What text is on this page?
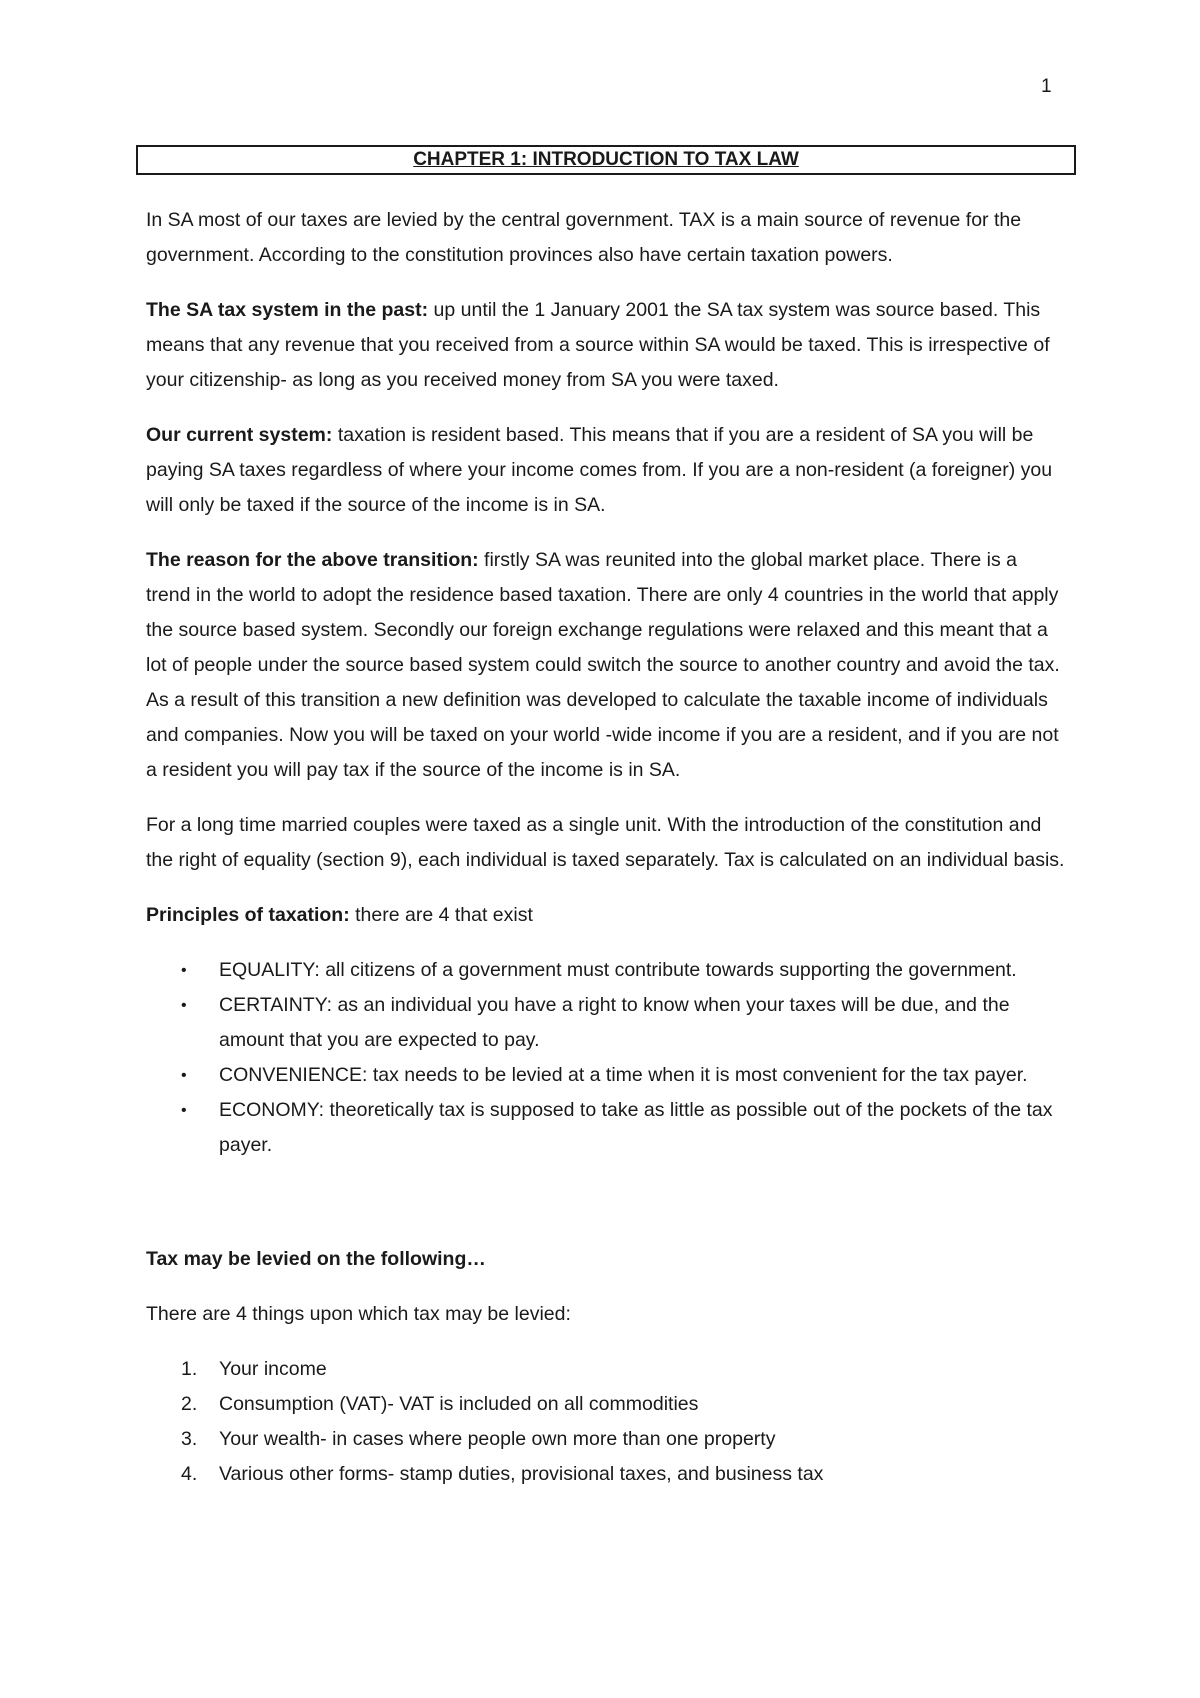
1
CHAPTER 1: INTRODUCTION TO TAX LAW

In SA most of our taxes are levied by the central government. TAX is a main source of revenue for the government. According to the constitution provinces also have certain taxation powers.

The SA tax system in the past: up until the 1 January 2001 the SA tax system was source based. This means that any revenue that you received from a source within SA would be taxed. This is irrespective of your citizenship- as long as you received money from SA you were taxed.

Our current system: taxation is resident based. This means that if you are a resident of SA you will be paying SA taxes regardless of where your income comes from. If you are a non-resident (a foreigner) you will only be taxed if the source of the income is in SA.

The reason for the above transition: firstly SA was reunited into the global market place. There is a trend in the world to adopt the residence based taxation. There are only 4 countries in the world that apply the source based system. Secondly our foreign exchange regulations were relaxed and this meant that a lot of people under the source based system could switch the source to another country and avoid the tax. As a result of this transition a new definition was developed to calculate the taxable income of individuals and companies. Now you will be taxed on your world -wide income if you are a resident, and if you are not a resident you will pay tax if the source of the income is in SA.

For a long time married couples were taxed as a single unit. With the introduction of the constitution and the right of equality (section 9), each individual is taxed separately. Tax is calculated on an individual basis.

Principles of taxation: there are 4 that exist

• EQUALITY: all citizens of a government must contribute towards supporting the government.
• CERTAINTY: as an individual you have a right to know when your taxes will be due, and the amount that you are expected to pay.
• CONVENIENCE: tax needs to be levied at a time when it is most convenient for the tax payer.
• ECONOMY: theoretically tax is supposed to take as little as possible out of the pockets of the tax payer.

Tax may be levied on the following…

There are 4 things upon which tax may be levied:

1. Your income
2. Consumption (VAT)- VAT is included on all commodities
3. Your wealth- in cases where people own more than one property
4. Various other forms- stamp duties, provisional taxes, and business tax
